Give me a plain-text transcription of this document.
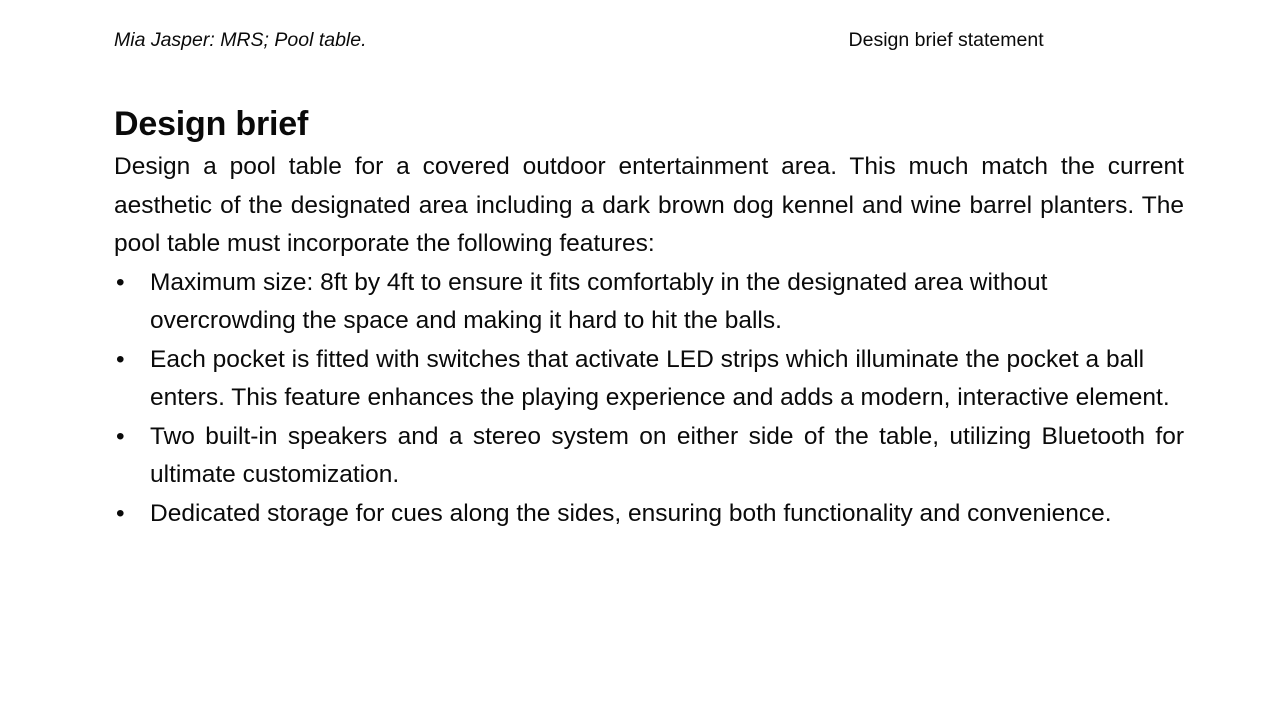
Mia Jasper: MRS; Pool table.	Design brief statement
Design brief

Design a pool table for a covered outdoor entertainment area. This much match the current aesthetic of the designated area including a dark brown dog kennel and wine barrel planters. The pool table must incorporate the following features:

• Maximum size: 8ft by 4ft to ensure it fits comfortably in the designated area without overcrowding the space and making it hard to hit the balls.
• Each pocket is fitted with switches that activate LED strips which illuminate the pocket a ball enters. This feature enhances the playing experience and adds a modern, interactive element.
• Two built-in speakers and a stereo system on either side of the table, utilizing Bluetooth for ultimate customization.
• Dedicated storage for cues along the sides, ensuring both functionality and convenience.
